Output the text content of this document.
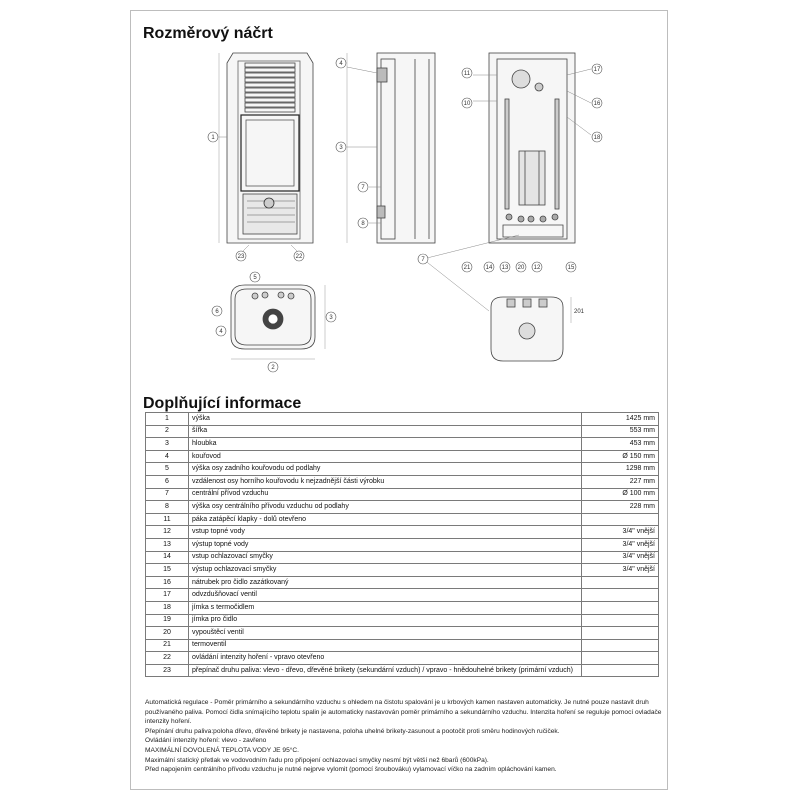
Rozměrový náčrt
1
23	22
4
3
7
8
11
17
10	16
18
21	14 13 20 12	15
7
6
5
4
2
3
201
Doplňující informace
1	výška	1425 mm
2	šířka	553 mm
3	hloubka	453 mm
4	kouřovod	Ø 150 mm
5	výška osy zadního kouřovodu od podlahy	1298 mm
6	vzdálenost osy horního kouřovodu k nejzadnější části výrobku	227 mm
7	centrální přívod vzduchu	Ø 100 mm
8	výška osy centrálního přívodu vzduchu od podlahy	228 mm
11	páka zatápěcí klapky - dolů otevřeno	
12	vstup topné vody	3/4" vnější
13	výstup topné vody	3/4" vnější
14	vstup ochlazovací smyčky	3/4" vnější
15	výstup ochlazovací smyčky	3/4" vnější
16	nátrubek pro čidlo zazátkovaný	
17	odvzdušňovací ventil	
18	jímka s termočidlem	
19	jímka pro čidlo	
20	vypouštěcí ventil	
21	termoventil	
22	ovládání intenzity hoření - vpravo otevřeno	
23	přepínač druhu paliva: vlevo - dřevo, dřevěné brikety (sekundární vzduch) / vpravo - hnědouhelné brikety (primární vzduch)	

Automatická regulace - Poměr primárního a sekundárního vzduchu s ohledem na čistotu spalování je u krbových kamen nastaven automaticky. Je nutné pouze nastavit druh používaného paliva. Pomocí čidla snímajícího teplotu spalin je automaticky nastavován poměr primárního a sekundárního vzduchu. Intenzita hoření se reguluje pomocí ovladače intenzity hoření.

Přepínání druhu paliva:poloha dřevo, dřevěné brikety je nastavena, poloha uhelné brikety-zasunout a pootočit proti směru hodinových ručiček.

Ovládání intenzity hoření: vlevo - zavřeno

MAXIMÁLNÍ DOVOLENÁ TEPLOTA VODY JE 95°C.

Maximální statický přetlak ve vodovodním řadu pro připojení ochlazovací smyčky nesmí být větší než 6barů (600kPa).

Před napojením centrálního přívodu vzduchu je nutné nejprve vylomit (pomocí šroubováku) vylamovací víčko na zadním opláchování kamen.
